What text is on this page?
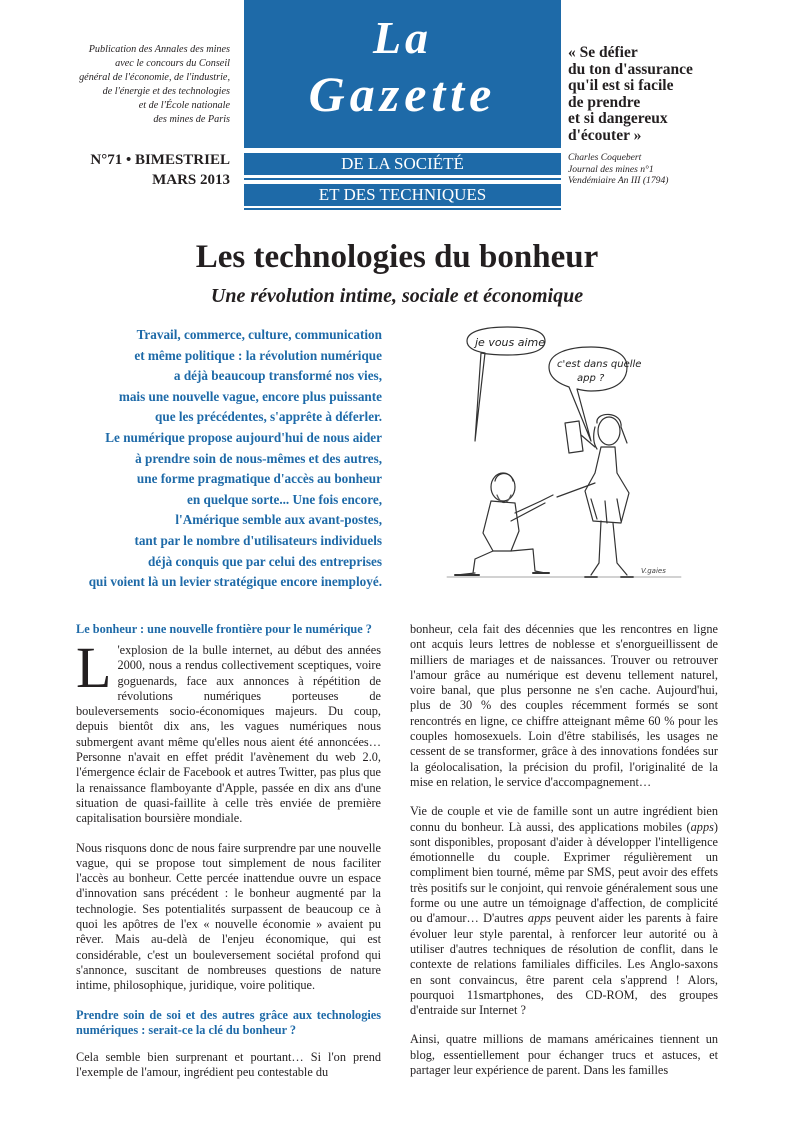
Publication des Annales des mines
avec le concours du Conseil
général de l'économie, de l'industrie,
de l'énergie et des technologies
et de l'École nationale
des mines de Paris
N°71 • BIMESTRIEL
MARS 2013
La
Gazette
DE LA SOCIÉTÉ
ET DES TECHNIQUES
« Se défier
du ton d'assurance
qu'il est si facile
de prendre
et si dangereux
d'écouter »
Charles Coquebert
Journal des mines n°1
Vendémiaire An III (1794)
Les technologies du bonheur
Une révolution intime, sociale et économique
Travail, commerce, culture, communication
et même politique : la révolution numérique
a déjà beaucoup transformé nos vies,
mais une nouvelle vague, encore plus puissante
que les précédentes, s'apprête à déferler.
Le numérique propose aujourd'hui de nous aider
à prendre soin de nous-mêmes et des autres,
une forme pragmatique d'accès au bonheur
en quelque sorte... Une fois encore,
l'Amérique semble aux avant-postes,
tant par le nombre d'utilisateurs individuels
déjà conquis que par celui des entreprises
qui voient là un levier stratégique encore inemployé.
je vous aime
c'est dans quelle
app ?
V.gaies
Le bonheur : une nouvelle frontière pour le numérique ?

L 'explosion de la bulle internet, au début des années 2000, nous a rendus collectivement sceptiques, voire goguenards, face aux annonces à répétition de révolutions numériques porteuses de bouleversements socio-économiques majeurs. Du coup, depuis bientôt dix ans, les vagues numériques nous submergent avant même qu'elles nous aient été annoncées… Personne n'avait en effet prédit l'avènement du web 2.0, l'émergence éclair de Facebook et autres Twitter, pas plus que la renaissance flamboyante d'Apple, passée en dix ans d'une situation de quasi-faillite à celle très enviée de première capitalisation boursière mondiale.

Nous risquons donc de nous faire surprendre par une nouvelle vague, qui se propose tout simplement de nous faciliter l'accès au bonheur. Cette percée inattendue ouvre un espace d'innovation sans précédent : le bonheur augmenté par la technologie. Ses potentialités surpassent de beaucoup ce à quoi les apôtres de l'ex « nouvelle économie » avaient pu rêver. Mais au-delà de l'enjeu économique, qui est considérable, c'est un bouleversement sociétal profond qui s'annonce, suscitant de nombreuses questions de nature intime, philosophique, juridique, voire politique.

Prendre soin de soi et des autres grâce aux technologies numériques : serait-ce la clé du bonheur ?

Cela semble bien surprenant et pourtant… Si l'on prend l'exemple de l'amour, ingrédient peu contestable du

bonheur, cela fait des décennies que les rencontres en ligne ont acquis leurs lettres de noblesse et s'enorgueillissent de milliers de mariages et de naissances. Trouver ou retrouver l'amour grâce au numérique est devenu tellement naturel, voire banal, que plus personne ne s'en cache. Aujourd'hui, plus de 30 % des couples récemment formés se sont rencontrés en ligne, ce chiffre atteignant même 60 % pour les couples homosexuels. Loin d'être stabilisés, les usages ne cessent de se transformer, grâce à des innovations fondées sur la géolocalisation, la précision du profil, l'originalité de la mise en relation, le service d'accompagnement…

Vie de couple et vie de famille sont un autre ingrédient bien connu du bonheur. Là aussi, des applications mobiles (apps) sont disponibles, proposant d'aider à développer l'intelligence émotionnelle du couple. Exprimer régulièrement un compliment bien tourné, même par SMS, peut avoir des effets très positifs sur le conjoint, qui renvoie généralement sous une forme ou une autre un témoignage d'affection, de complicité ou d'amour… D'autres apps peuvent aider les parents à faire évoluer leur style parental, à renforcer leur autorité ou à utiliser d'autres techniques de résolution de conflit, dans le contexte de relations familiales difficiles. Les Anglo-saxons en sont convaincus, être parent cela s'apprend ! Alors, pourquoi 11smartphones, des CD-ROM, des groupes d'entraide sur Internet ?

Ainsi, quatre millions de mamans américaines tiennent un blog, essentiellement pour échanger trucs et astuces, et partager leur expérience de parent. Dans les familles
